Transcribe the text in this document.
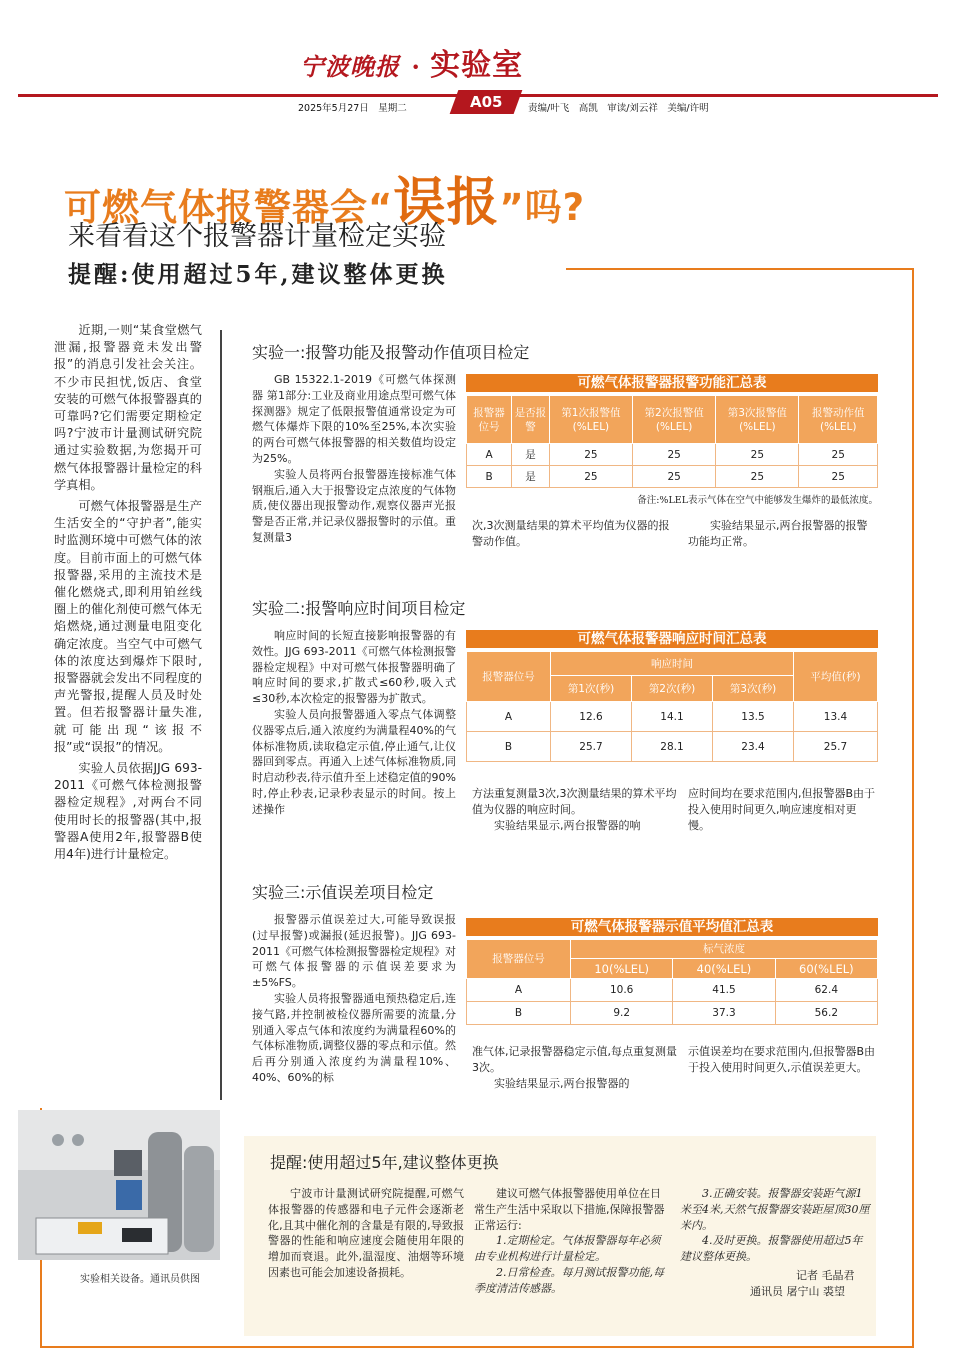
宁波晚报 · 实验室
A05
2025年5月27日　星期二	责编/叶飞　高凯　审读/刘云祥　美编/许明
可燃气体报警器会“误报”吗?
来看看这个报警器计量检定实验
提醒:使用超过5年,建议整体更换

近期,一则“某食堂燃气泄漏,报警器竟未发出警报”的消息引发社会关注。不少市民担忧,饭店、食堂安装的可燃气体报警器真的可靠吗?它们需要定期检定吗?宁波市计量测试研究院通过实验数据,为您揭开可燃气体报警器计量检定的科学真相。

可燃气体报警器是生产生活安全的“守护者”,能实时监测环境中可燃气体的浓度。目前市面上的可燃气体报警器,采用的主流技术是催化燃烧式,即利用铂丝线圈上的催化剂使可燃气体无焰燃烧,通过测量电阻变化确定浓度。当空气中可燃气体的浓度达到爆炸下限时,报警器就会发出不同程度的声光警报,提醒人员及时处置。但若报警器计量失准,就可能出现“该报不报”或“误报”的情况。

实验人员依据JJG 693-2011《可燃气体检测报警器检定规程》,对两台不同使用时长的报警器(其中,报警器A使用2年,报警器B使用4年)进行计量检定。

实验一:报警功能及报警动作值项目检定

GB 15322.1-2019《可燃气体探测器 第1部分:工业及商业用途点型可燃气体探测器》规定了低限报警值通常设定为可燃气体爆炸下限的10%至25%,本次实验的两台可燃气体报警器的相关数值均设定为25%。

实验人员将两台报警器连接标准气体钢瓶后,通入大于报警设定点浓度的气体物质,使仪器出现报警动作,观察仪器声光报警是否正常,并记录仪器报警时的示值。重复测量3

可燃气体报警器报警功能汇总表
报警器位号	是否报警	第1次报警值(%LEL)	第2次报警值(%LEL)	第3次报警值(%LEL)	报警动作值(%LEL)
A	是	25	25	25	25
B	是	25	25	25	25
备注:%LEL表示气体在空气中能够发生爆炸的最低浓度。
次,3次测量结果的算术平均值为仪器的报警动作值。
实验结果显示,两台报警器的报警功能均正常。
实验二:报警响应时间项目检定

响应时间的长短直接影响报警器的有效性。JJG 693-2011《可燃气体检测报警器检定规程》中对可燃气体报警器明确了响应时间的要求,扩散式≤60秒,吸入式≤30秒,本次检定的报警器为扩散式。

实验人员向报警器通入零点气体调整仪器零点后,通入浓度约为满量程40%的气体标准物质,读取稳定示值,停止通气,让仪器回到零点。再通入上述气体标准物质,同时启动秒表,待示值升至上述稳定值的90%时,停止秒表,记录秒表显示的时间。按上述操作

可燃气体报警器响应时间汇总表
报警器位号	响应时间			平均值(秒)
	第1次(秒)	第2次(秒)	第3次(秒)	
A	12.6	14.1	13.5	13.4
B	25.7	28.1	23.4	25.7
方法重复测量3次,3次测量结果的算术平均值为仪器的响应时间。
实验结果显示,两台报警器的响
应时间均在要求范围内,但报警器B由于投入使用时间更久,响应速度相对更慢。
实验三:示值误差项目检定

报警器示值误差过大,可能导致误报(过早报警)或漏报(延迟报警)。JJG 693-2011《可燃气体检测报警器检定规程》对可燃气体报警器的示值误差要求为±5%FS。

实验人员将报警器通电预热稳定后,连接气路,并控制被检仪器所需要的流量,分别通入零点气体和浓度约为满量程60%的气体标准物质,调整仪器的零点和示值。然后再分别通入浓度约为满量程10%、40%、60%的标

可燃气体报警器示值平均值汇总表
报警器位号	标气浓度		
	10(%LEL)	40(%LEL)	60(%LEL)
A	10.6	41.5	62.4
B	9.2	37.3	56.2
准气体,记录报警器稳定示值,每点重复测量3次。
实验结果显示,两台报警器的
示值误差均在要求范围内,但报警器B由于投入使用时间更久,示值误差更大。
实验相关设备。通讯员供图
提醒:使用超过5年,建议整体更换
宁波市计量测试研究院提醒,可燃气体报警器的传感器和电子元件会逐渐老化,且其中催化剂的含量是有限的,导致报警器的性能和响应速度会随使用年限的增加而衰退。此外,温湿度、油烟等环境因素也可能会加速设备损耗。
建议可燃气体报警器使用单位在日常生产生活中采取以下措施,保障报警器正常运行:
1.定期检定。气体报警器每年必须由专业机构进行计量检定。
2.日常检查。每月测试报警功能,每季度清洁传感器。
3.正确安装。报警器安装距气源1米至4米,天然气报警器安装距屋顶30厘米内。
4.及时更换。报警器使用超过5年建议整体更换。
记者 毛晶君
通讯员 屠宁山 裘望
